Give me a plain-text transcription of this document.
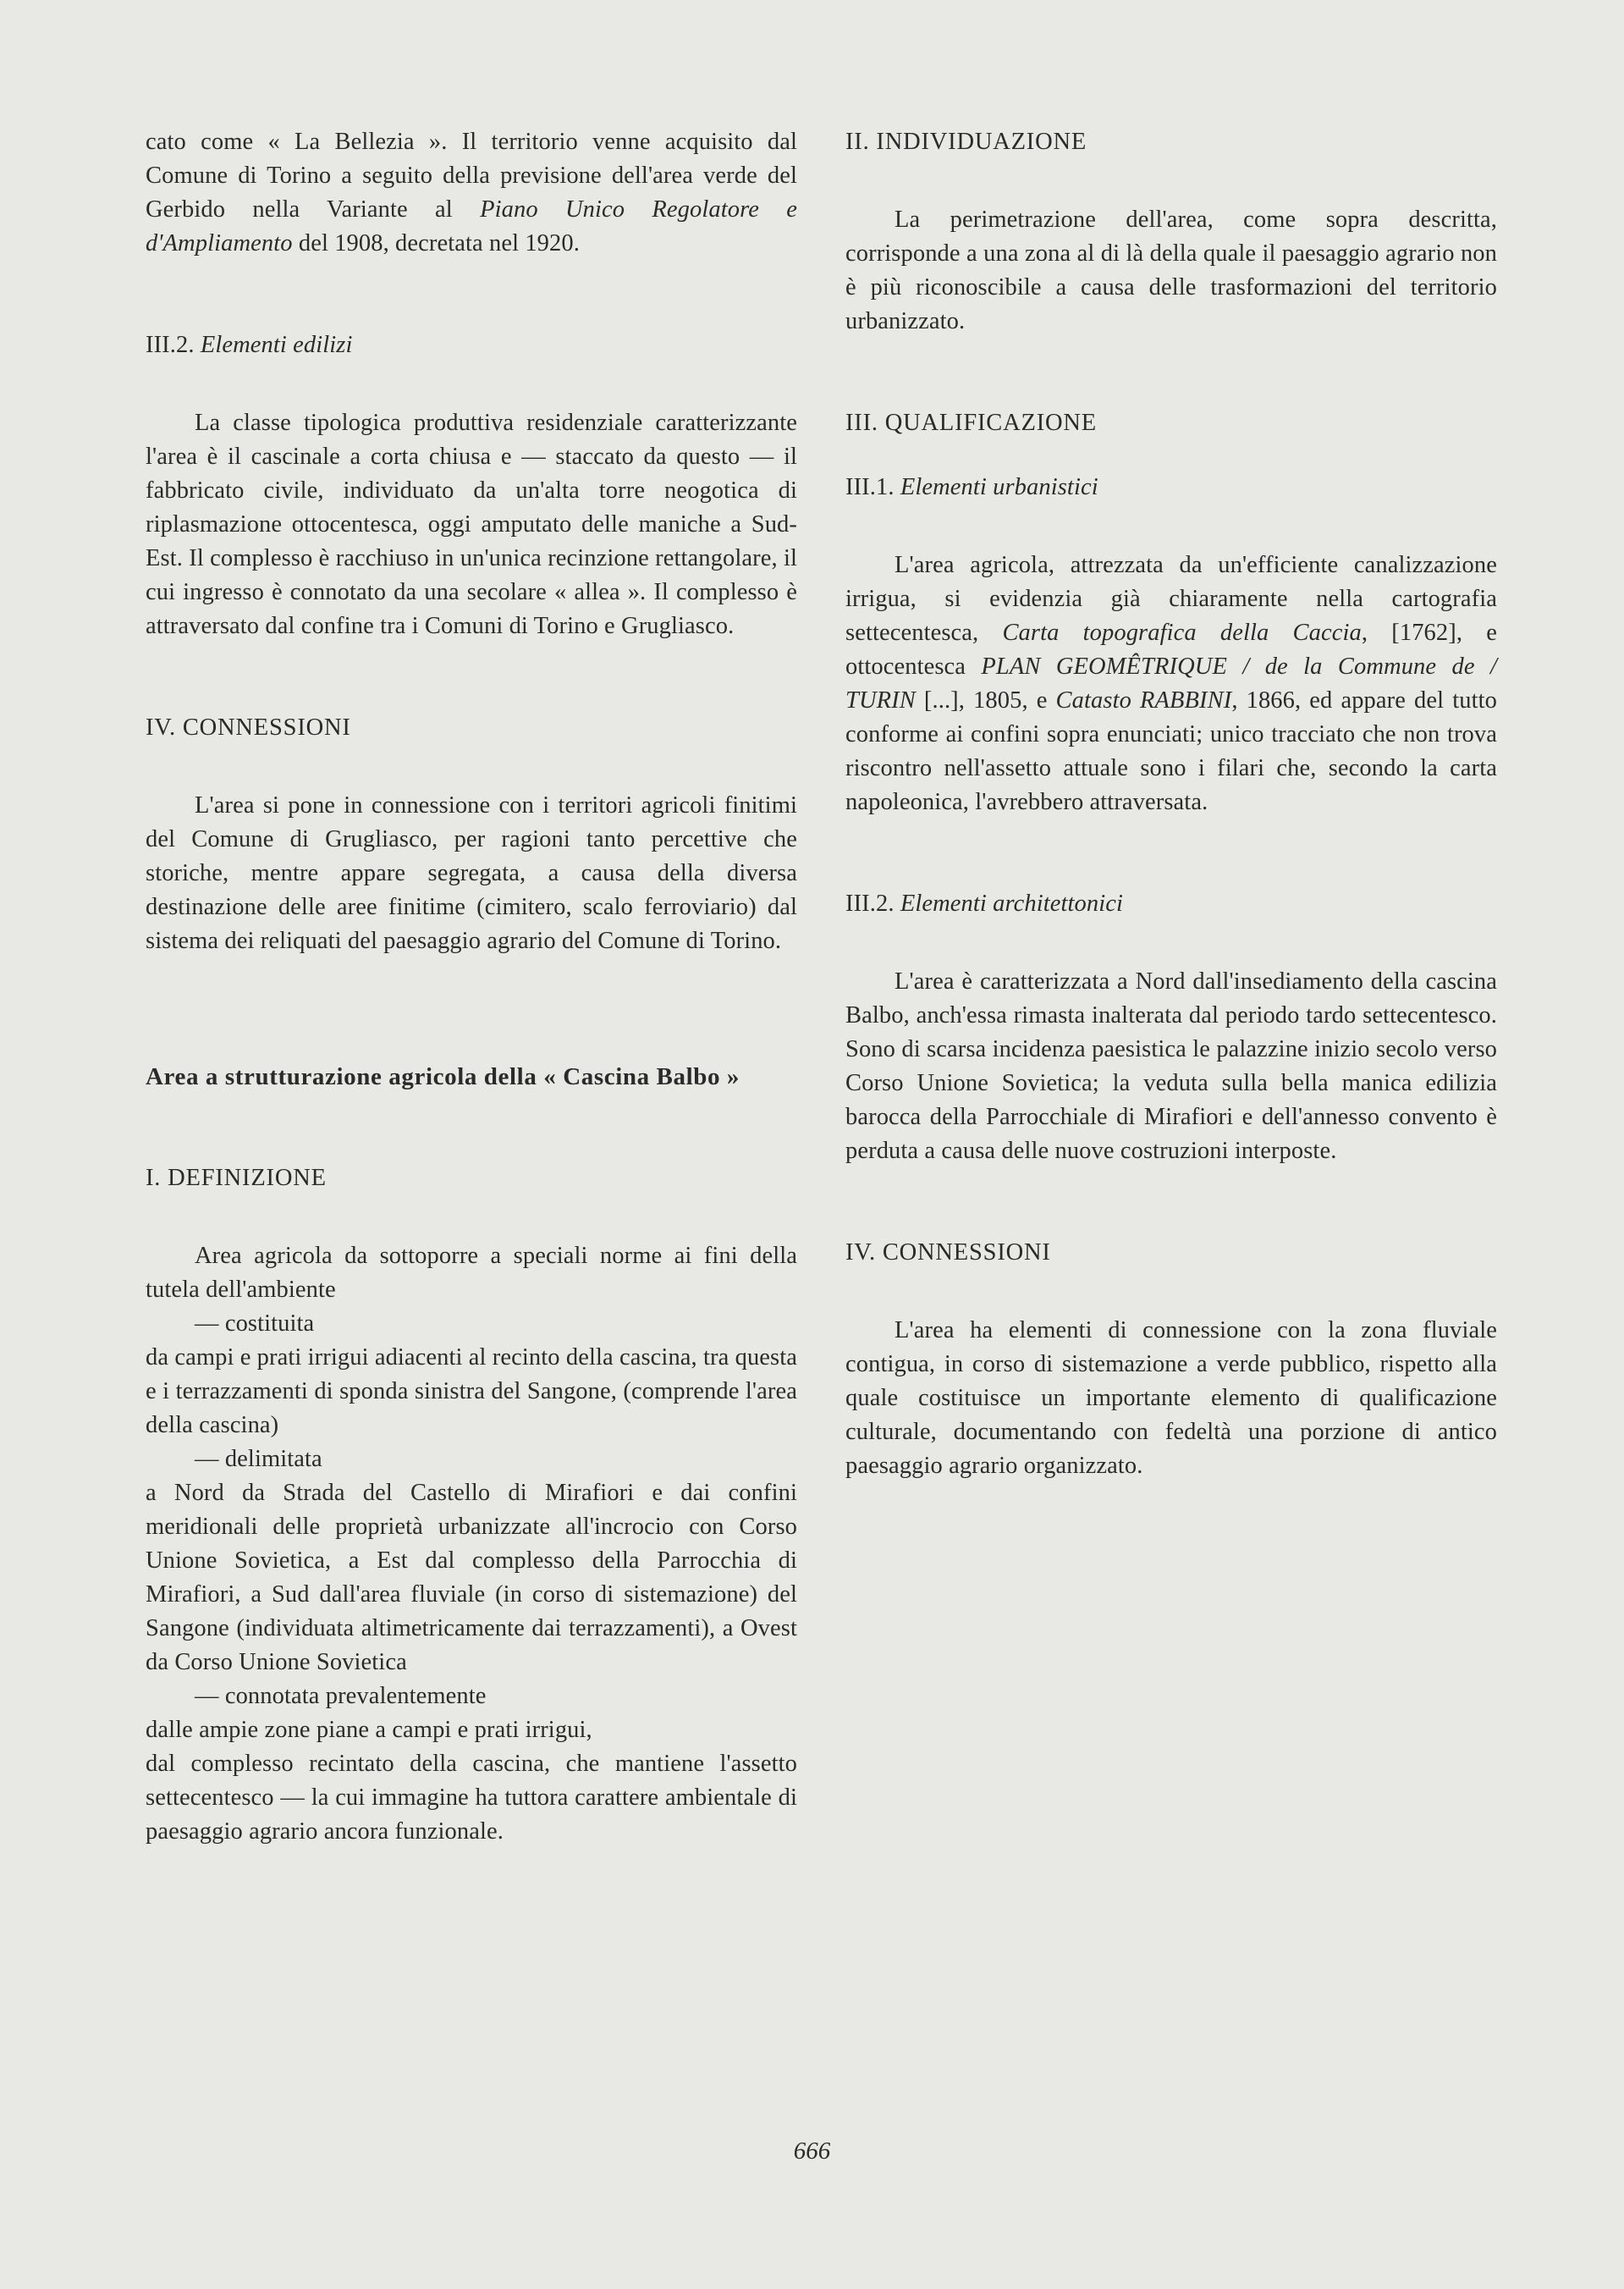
cato come « La Bellezia ». Il territorio venne acquisito dal Comune di Torino a seguito della previsione dell'area verde del Gerbido nella Variante al Piano Unico Regolatore e d'Ampliamento del 1908, decretata nel 1920.

III.2. Elementi edilizi

La classe tipologica produttiva residenziale caratterizzante l'area è il cascinale a corta chiusa e — staccato da questo — il fabbricato civile, individuato da un'alta torre neogotica di riplasmazione ottocentesca, oggi amputato delle maniche a Sud-Est. Il complesso è racchiuso in un'unica recinzione rettangolare, il cui ingresso è connotato da una secolare « allea ». Il complesso è attraversato dal confine tra i Comuni di Torino e Grugliasco.

IV. CONNESSIONI

L'area si pone in connessione con i territori agricoli finitimi del Comune di Grugliasco, per ragioni tanto percettive che storiche, mentre appare segregata, a causa della diversa destinazione delle aree finitime (cimitero, scalo ferroviario) dal sistema dei reliquati del paesaggio agrario del Comune di Torino.

Area a strutturazione agricola della « Cascina Balbo »

I. DEFINIZIONE

Area agricola da sottoporre a speciali norme ai fini della tutela dell'ambiente

— costituita

da campi e prati irrigui adiacenti al recinto della cascina, tra questa e i terrazzamenti di sponda sinistra del Sangone, (comprende l'area della cascina)

— delimitata

a Nord da Strada del Castello di Mirafiori e dai confini meridionali delle proprietà urbanizzate all'incrocio con Corso Unione Sovietica, a Est dal complesso della Parrocchia di Mirafiori, a Sud dall'area fluviale (in corso di sistemazione) del Sangone (individuata altimetricamente dai terrazzamenti), a Ovest da Corso Unione Sovietica

— connotata prevalentemente

dalle ampie zone piane a campi e prati irrigui,

dal complesso recintato della cascina, che mantiene l'assetto settecentesco — la cui immagine ha tuttora carattere ambientale di paesaggio agrario ancora funzionale.

II. INDIVIDUAZIONE

La perimetrazione dell'area, come sopra descritta, corrisponde a una zona al di là della quale il paesaggio agrario non è più riconoscibile a causa delle trasformazioni del territorio urbanizzato.

III. QUALIFICAZIONE

III.1. Elementi urbanistici

L'area agricola, attrezzata da un'efficiente canalizzazione irrigua, si evidenzia già chiaramente nella cartografia settecentesca, Carta topografica della Caccia, [1762], e ottocentesca PLAN GEOMÊTRIQUE / de la Commune de / TURIN [...], 1805, e Catasto RABBINI, 1866, ed appare del tutto conforme ai confini sopra enunciati; unico tracciato che non trova riscontro nell'assetto attuale sono i filari che, secondo la carta napoleonica, l'avrebbero attraversata.

III.2. Elementi architettonici

L'area è caratterizzata a Nord dall'insediamento della cascina Balbo, anch'essa rimasta inalterata dal periodo tardo settecentesco. Sono di scarsa incidenza paesistica le palazzine inizio secolo verso Corso Unione Sovietica; la veduta sulla bella manica edilizia barocca della Parrocchiale di Mirafiori e dell'annesso convento è perduta a causa delle nuove costruzioni interposte.

IV. CONNESSIONI

L'area ha elementi di connessione con la zona fluviale contigua, in corso di sistemazione a verde pubblico, rispetto alla quale costituisce un importante elemento di qualificazione culturale, documentando con fedeltà una porzione di antico paesaggio agrario organizzato.

666
